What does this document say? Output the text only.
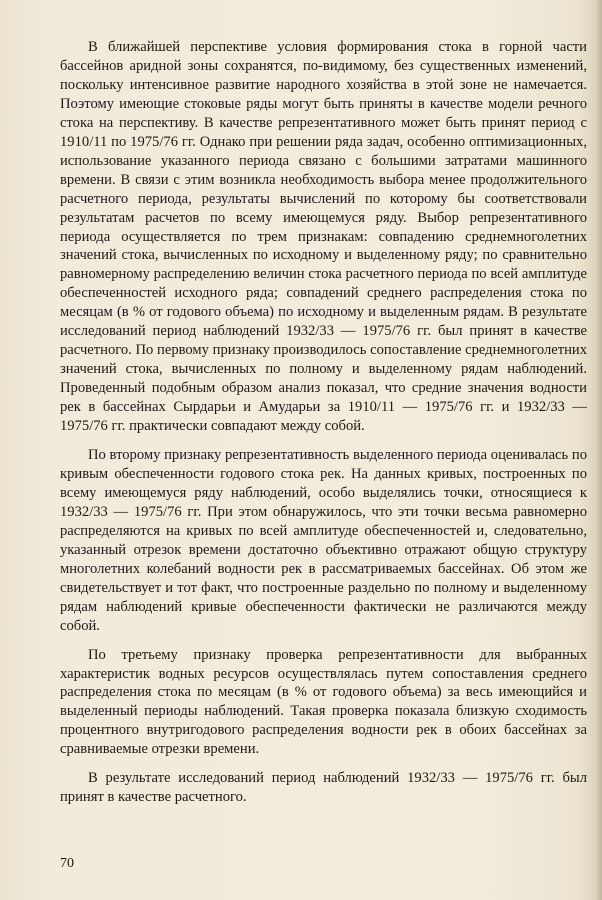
В ближайшей перспективе условия формирования стока в горной части бассейнов аридной зоны сохранятся, по-видимому, без существенных изменений, поскольку интенсивное развитие народного хозяйства в этой зоне не намечается. Поэтому имеющие стоковые ряды могут быть приняты в качестве модели речного стока на перспективу. В качестве репрезентативного может быть принят период с 1910/11 по 1975/76 гг. Однако при решении ряда задач, особенно оптимизационных, использование указанного периода связано с большими затратами машинного времени. В связи с этим возникла необходимость выбора менее продолжительного расчетного периода, результаты вычислений по которому бы соответствовали результатам расчетов по всему имеющемуся ряду. Выбор репрезентативного периода осуществляется по трем признакам: совпадению среднемноголетних значений стока, вычисленных по исходному и выделенному ряду; по сравнительно равномерному распределению величин стока расчетного периода по всей амплитуде обеспеченностей исходного ряда; совпадений среднего распределения стока по месяцам (в % от годового объема) по исходному и выделенным рядам. В результате исследований период наблюдений 1932/33 — 1975/76 гг. был принят в качестве расчетного. По первому признаку производилось сопоставление среднемноголетних значений стока, вычисленных по полному и выделенному рядам наблюдений. Проведенный подобным образом анализ показал, что средние значения водности рек в бассейнах Сырдарьи и Амударьи за 1910/11 — 1975/76 гг. и 1932/33 — 1975/76 гг. практически совпадают между собой.

По второму признаку репрезентативность выделенного периода оценивалась по кривым обеспеченности годового стока рек. На данных кривых, построенных по всему имеющемуся ряду наблюдений, особо выделялись точки, относящиеся к 1932/33 — 1975/76 гг. При этом обнаружилось, что эти точки весьма равномерно распределяются на кривых по всей амплитуде обеспеченностей и, следовательно, указанный отрезок времени достаточно объективно отражают общую структуру многолетних колебаний водности рек в рассматриваемых бассейнах. Об этом же свидетельствует и тот факт, что построенные раздельно по полному и выделенному рядам наблюдений кривые обеспеченности фактически не различаются между собой.

По третьему признаку проверка репрезентативности для выбранных характеристик водных ресурсов осуществлялась путем сопоставления среднего распределения стока по месяцам (в % от годового объема) за весь имеющийся и выделенный периоды наблюдений. Такая проверка показала близкую сходимость процентного внутригодового распределения водности рек в обоих бассейнах за сравниваемые отрезки времени.

В результате исследований период наблюдений 1932/33 — 1975/76 гг. был принят в качестве расчетного.

70
